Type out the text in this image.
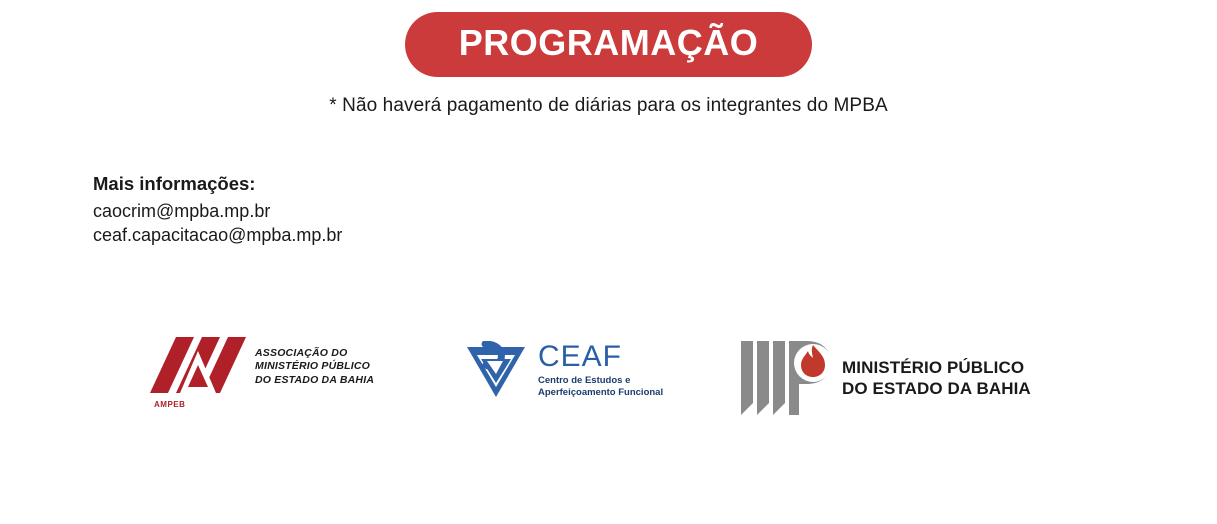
PROGRAMAÇÃO
* Não haverá pagamento de diárias para os integrantes do MPBA
Mais informações:
caocrim@mpba.mp.br
ceaf.capacitacao@mpba.mp.br
AMPEB
ASSOCIAÇÃO DO
MINISTÉRIO PÚBLICO
DO ESTADO DA BAHIA
CEAF
Centro de Estudos e
Aperfeiçoamento Funcional
MINISTÉRIO PÚBLICO
DO ESTADO DA BAHIA
